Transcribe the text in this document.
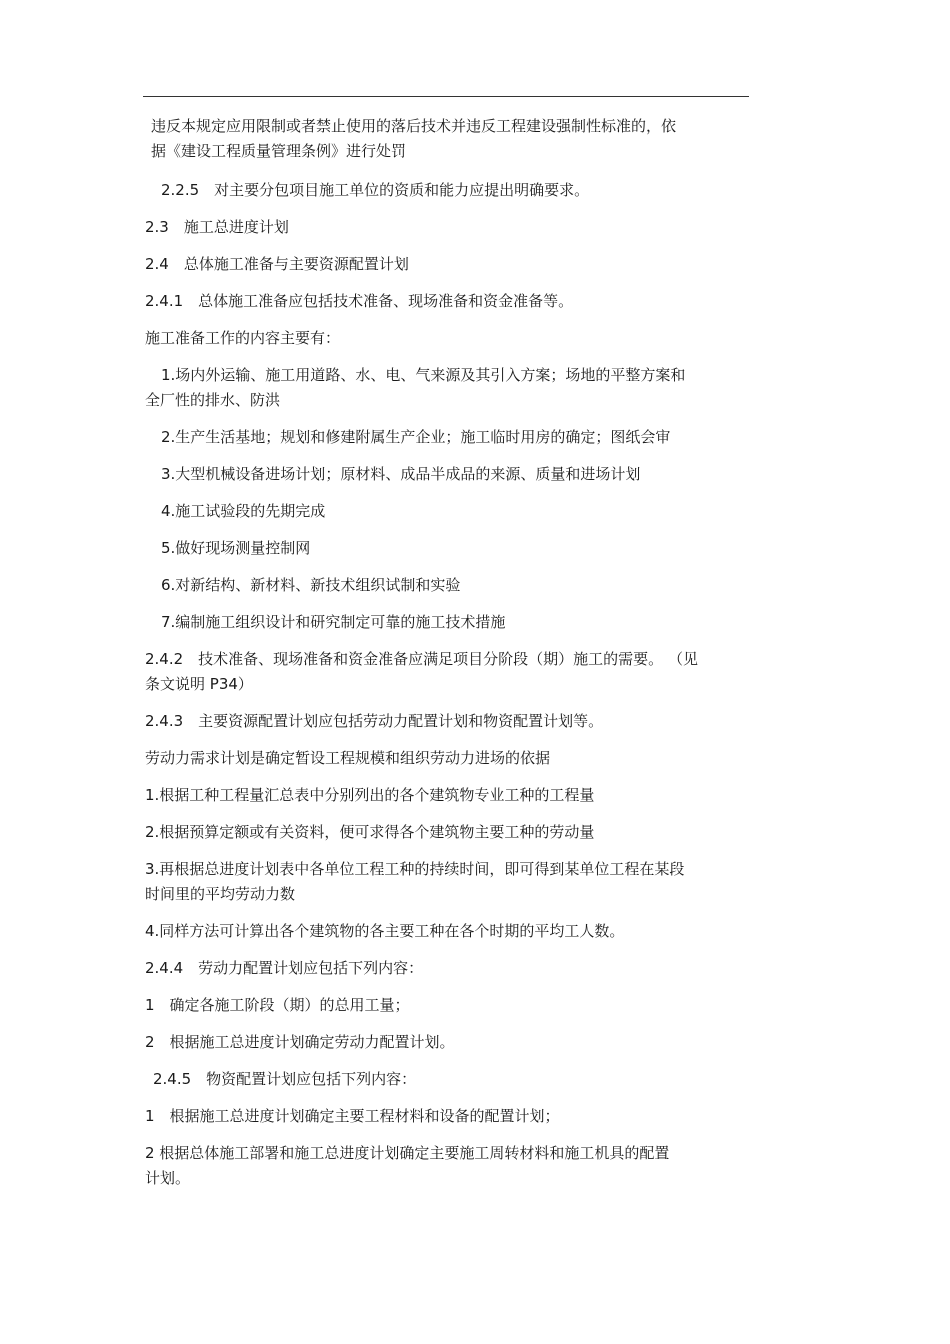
违反本规定应用限制或者禁止使用的落后技术并违反工程建设强制性标准的，依
据《建设工程质量管理条例》进行处罚
2.2.5　对主要分包项目施工单位的资质和能力应提出明确要求。
2.3　施工总进度计划
2.4　总体施工准备与主要资源配置计划
2.4.1　总体施工准备应包括技术准备、现场准备和资金准备等。
施工准备工作的内容主要有：
1.场内外运输、施工用道路、水、电、气来源及其引入方案；场地的平整方案和
全厂性的排水、防洪
2.生产生活基地；规划和修建附属生产企业；施工临时用房的确定；图纸会审
3.大型机械设备进场计划；原材料、成品半成品的来源、质量和进场计划
4.施工试验段的先期完成
5.做好现场测量控制网
6.对新结构、新材料、新技术组织试制和实验
7.编制施工组织设计和研究制定可靠的施工技术措施
2.4.2　技术准备、现场准备和资金准备应满足项目分阶段（期）施工的需要。 （见
条文说明 P34）
2.4.3　主要资源配置计划应包括劳动力配置计划和物资配置计划等。
劳动力需求计划是确定暂设工程规模和组织劳动力进场的依据
1.根据工种工程量汇总表中分别列出的各个建筑物专业工种的工程量
2.根据预算定额或有关资料，便可求得各个建筑物主要工种的劳动量
3.再根据总进度计划表中各单位工程工种的持续时间，即可得到某单位工程在某段
时间里的平均劳动力数
4.同样方法可计算出各个建筑物的各主要工种在各个时期的平均工人数。
2.4.4　劳动力配置计划应包括下列内容：
1　确定各施工阶段（期）的总用工量；
2　根据施工总进度计划确定劳动力配置计划。
2.4.5　物资配置计划应包括下列内容：
1　根据施工总进度计划确定主要工程材料和设备的配置计划；
2 根据总体施工部署和施工总进度计划确定主要施工周转材料和施工机具的配置
计划。
